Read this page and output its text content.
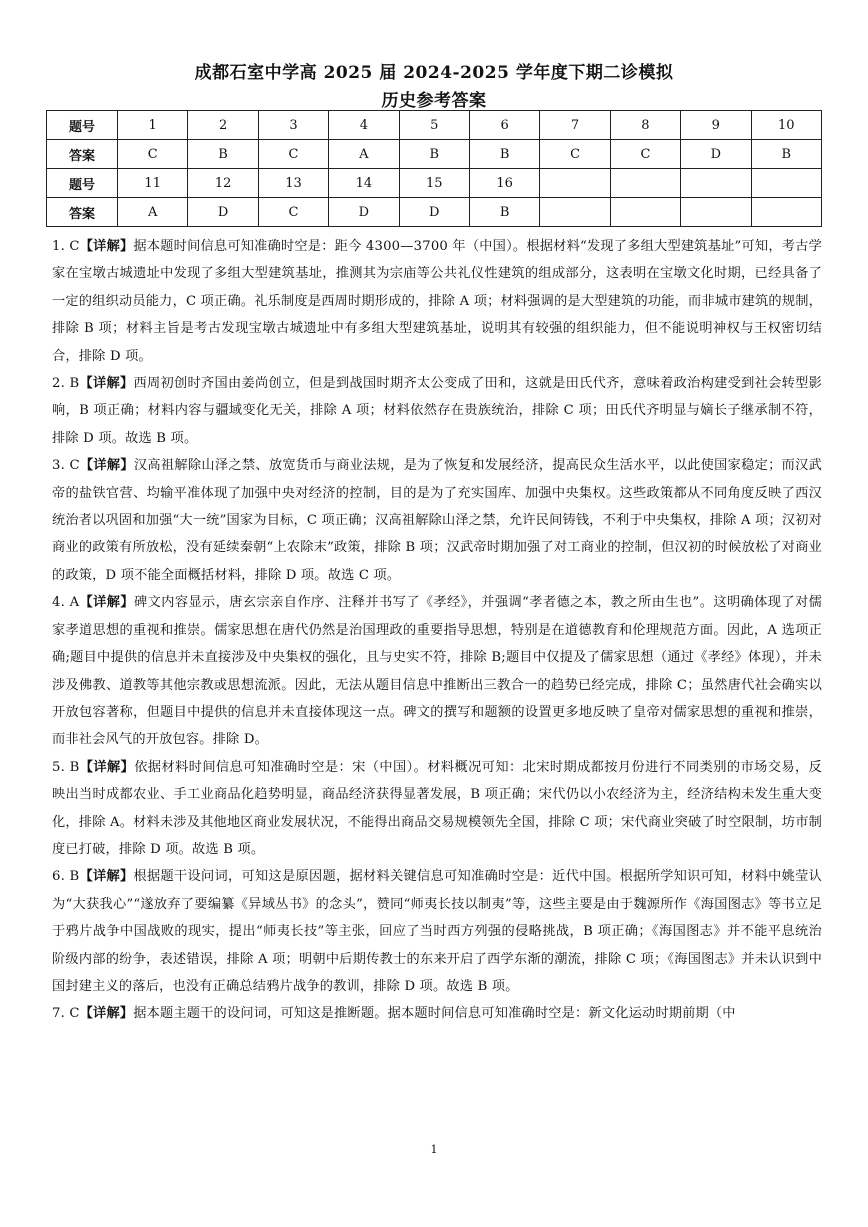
成都石室中学高 2025 届 2024-2025 学年度下期二诊模拟
历史参考答案
题号	1	2	3	4	5	6	7	8	9	10
答案	C	B	C	A	B	B	C	C	D	B
题号	11	12	13	14	15	16				
答案	A	D	C	D	D	B				

1. C【详解】据本题时间信息可知准确时空是：距今 4300—3700 年（中国）。根据材料“发现了多组大型建筑基址”可知，考古学家在宝墩古城遗址中发现了多组大型建筑基址，推测其为宗庙等公共礼仪性建筑的组成部分，这表明在宝墩文化时期，已经具备了一定的组织动员能力，C 项正确。礼乐制度是西周时期形成的，排除 A 项；材料强调的是大型建筑的功能，而非城市建筑的规制，排除 B 项；材料主旨是考古发现宝墩古城遗址中有多组大型建筑基址，说明其有较强的组织能力，但不能说明神权与王权密切结合，排除 D 项。

2. B【详解】西周初创时齐国由姜尚创立，但是到战国时期齐太公变成了田和，这就是田氏代齐，意味着政治构建受到社会转型影响，B 项正确；材料内容与疆域变化无关，排除 A 项；材料依然存在贵族统治，排除 C 项；田氏代齐明显与嫡长子继承制不符，排除 D 项。故选 B 项。

3. C【详解】汉高祖解除山泽之禁、放宽货币与商业法规，是为了恢复和发展经济，提高民众生活水平，以此使国家稳定；而汉武帝的盐铁官营、均输平准体现了加强中央对经济的控制，目的是为了充实国库、加强中央集权。这些政策都从不同角度反映了西汉统治者以巩固和加强“大一统”国家为目标，C 项正确；汉高祖解除山泽之禁，允许民间铸钱，不利于中央集权，排除 A 项；汉初对商业的政策有所放松，没有延续秦朝“上农除末”政策，排除 B 项；汉武帝时期加强了对工商业的控制，但汉初的时候放松了对商业的政策，D 项不能全面概括材料，排除 D 项。故选 C 项。

4. A【详解】碑文内容显示，唐玄宗亲自作序、注释并书写了《孝经》，并强调“孝者德之本，教之所由生也”。这明确体现了对儒家孝道思想的重视和推崇。儒家思想在唐代仍然是治国理政的重要指导思想，特别是在道德教育和伦理规范方面。因此，A 选项正确;题目中提供的信息并未直接涉及中央集权的强化，且与史实不符，排除 B;题目中仅提及了儒家思想（通过《孝经》体现），并未涉及佛教、道教等其他宗教或思想流派。因此，无法从题目信息中推断出三教合一的趋势已经完成，排除 C；虽然唐代社会确实以开放包容著称，但题目中提供的信息并未直接体现这一点。碑文的撰写和题额的设置更多地反映了皇帝对儒家思想的重视和推崇，而非社会风气的开放包容。排除 D。

5. B【详解】依据材料时间信息可知准确时空是：宋（中国）。材料概况可知：北宋时期成都按月份进行不同类别的市场交易，反映出当时成都农业、手工业商品化趋势明显，商品经济获得显著发展，B 项正确；宋代仍以小农经济为主，经济结构未发生重大变化，排除 A。材料未涉及其他地区商业发展状况，不能得出商品交易规模领先全国，排除 C 项；宋代商业突破了时空限制，坊市制度已打破，排除 D 项。故选 B 项。

6. B【详解】根据题干设问词，可知这是原因题，据材料关键信息可知准确时空是：近代中国。根据所学知识可知，材料中姚莹认为“大获我心”“遂放弃了要编纂《异域丛书》的念头”，赞同“师夷长技以制夷”等，这些主要是由于魏源所作《海国图志》等书立足于鸦片战争中国战败的现实，提出“师夷长技”等主张，回应了当时西方列强的侵略挑战，B 项正确；《海国图志》并不能平息统治阶级内部的纷争，表述错误，排除 A 项；明朝中后期传教士的东来开启了西学东渐的潮流，排除 C 项；《海国图志》并未认识到中国封建主义的落后，也没有正确总结鸦片战争的教训，排除 D 项。故选 B 项。

7. C【详解】据本题主题干的设问词，可知这是推断题。据本题时间信息可知准确时空是：新文化运动时期前期（中

1
